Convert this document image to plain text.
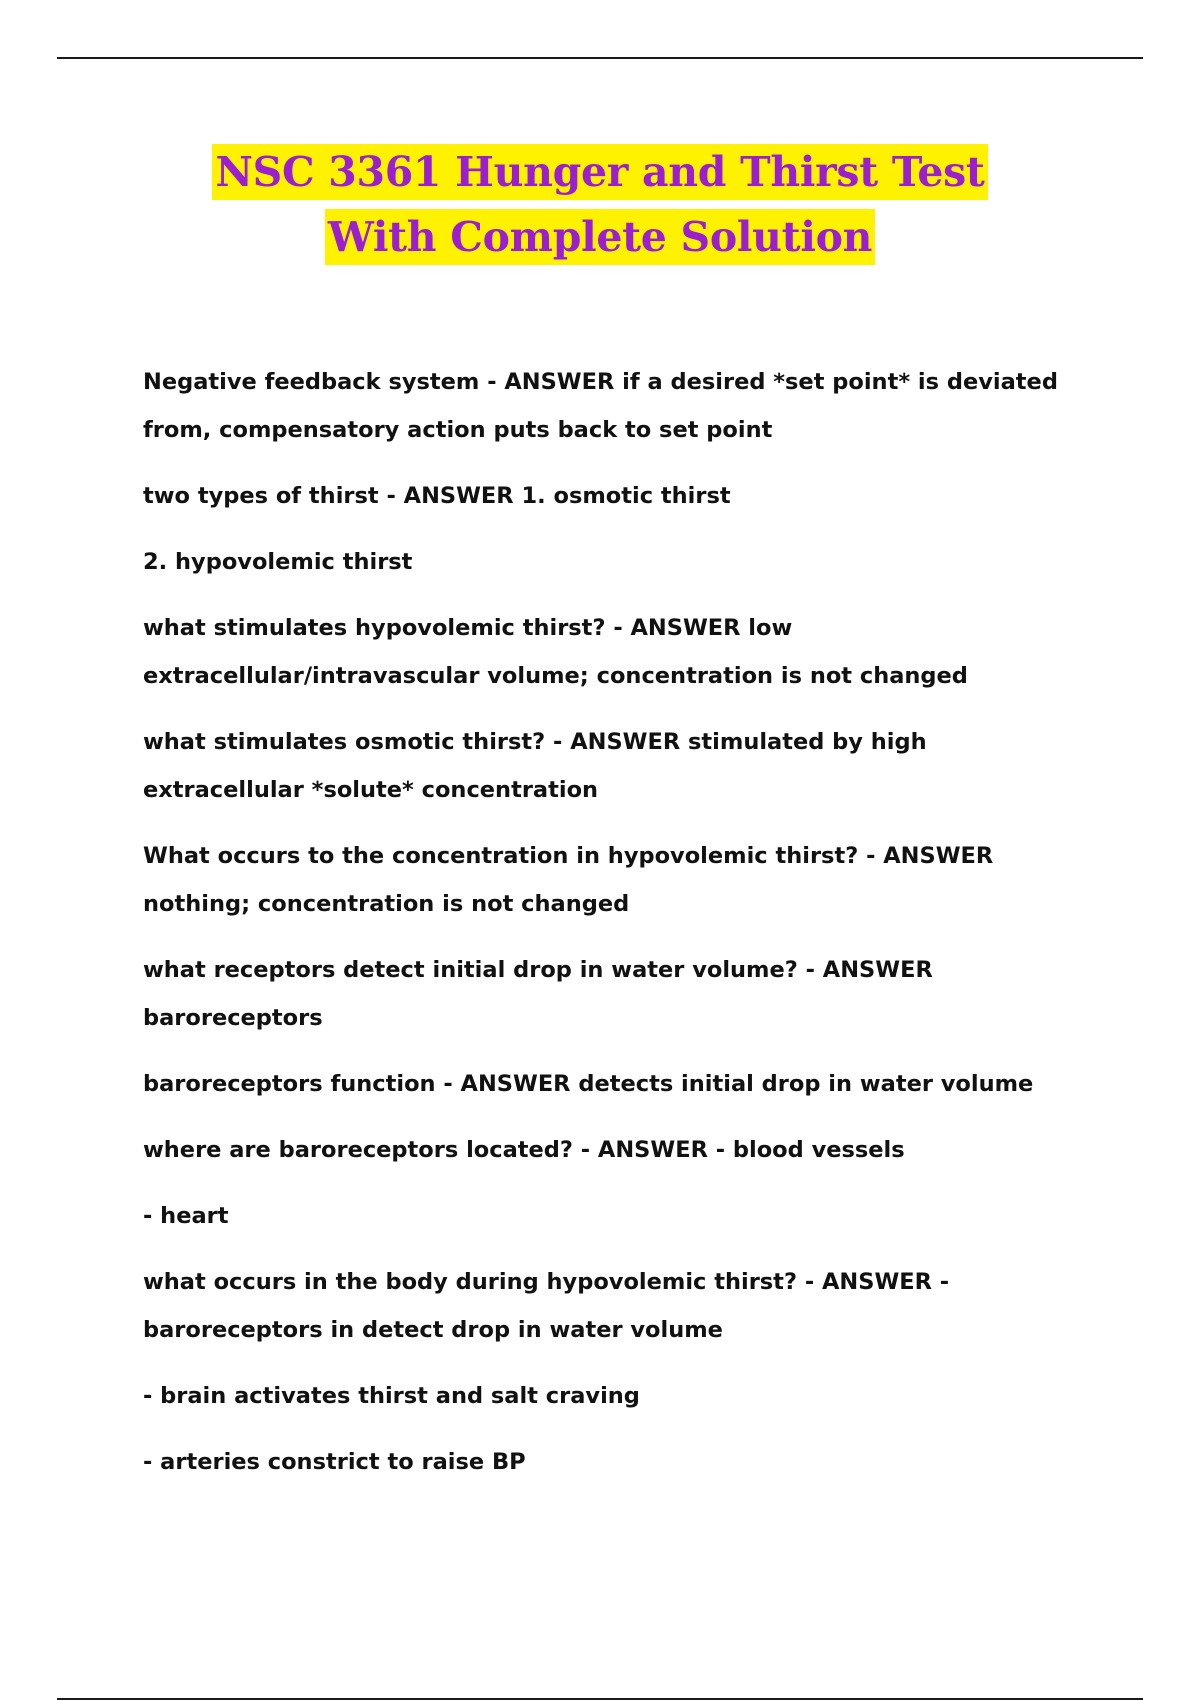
NSC 3361 Hunger and Thirst Test
With Complete Solution

Negative feedback system - ANSWER if a desired *set point* is deviated from, compensatory action puts back to set point

two types of thirst - ANSWER 1. osmotic thirst

2. hypovolemic thirst

what stimulates hypovolemic thirst? - ANSWER low extracellular/intravascular volume; concentration is not changed

what stimulates osmotic thirst? - ANSWER stimulated by high extracellular *solute* concentration

What occurs to the concentration in hypovolemic thirst? - ANSWER nothing; concentration is not changed

what receptors detect initial drop in water volume? - ANSWER baroreceptors

baroreceptors function - ANSWER detects initial drop in water volume

where are baroreceptors located? - ANSWER - blood vessels

- heart

what occurs in the body during hypovolemic thirst? - ANSWER - baroreceptors in detect drop in water volume

- brain activates thirst and salt craving

- arteries constrict to raise BP
